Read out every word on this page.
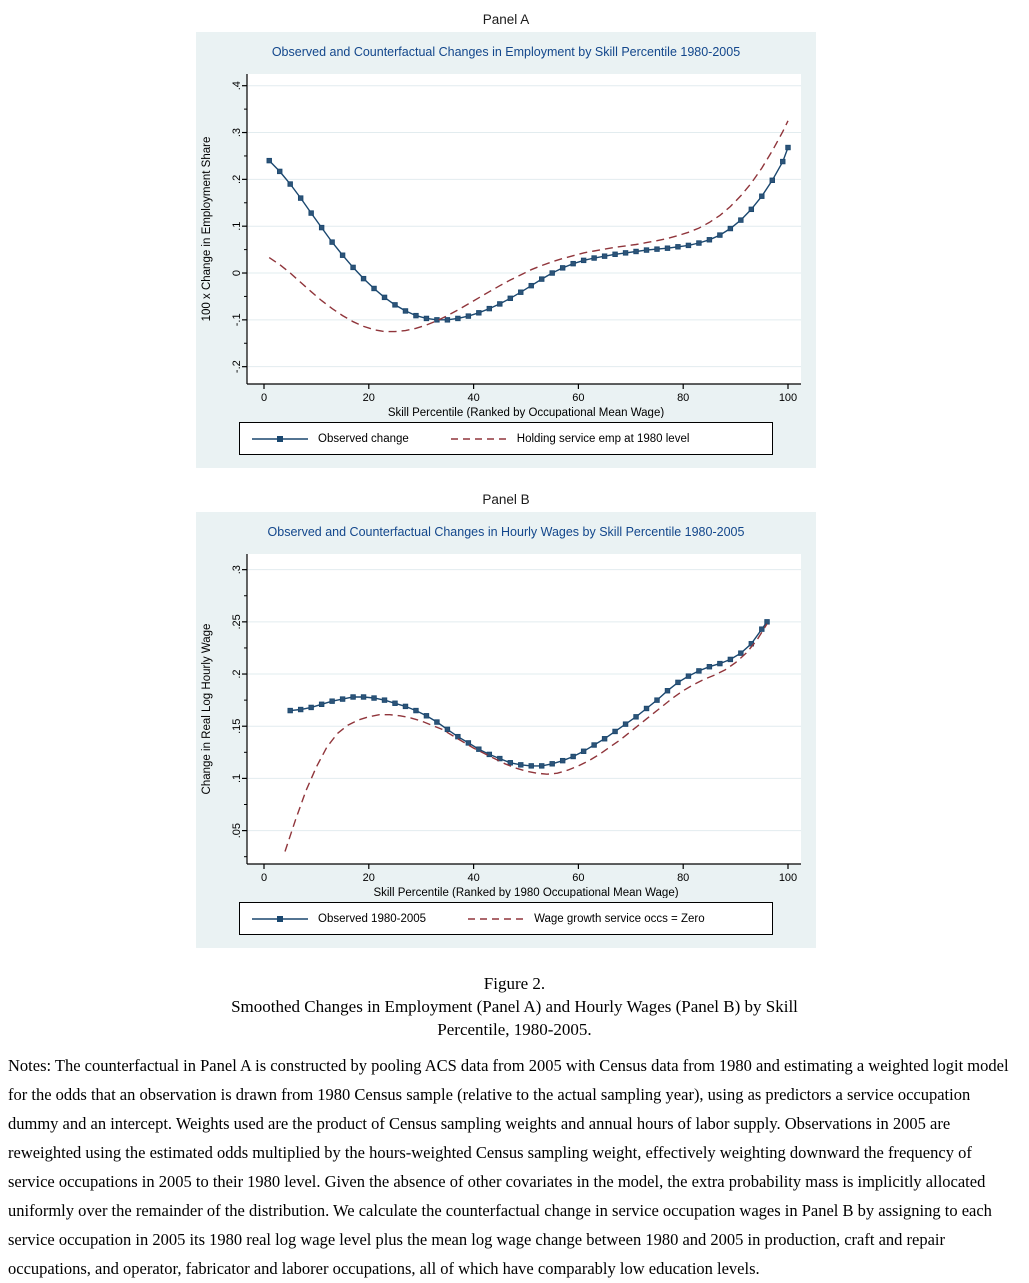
Panel A
Observed and Counterfactual Changes in Employment by Skill Percentile 1980-2005
-.2
-.1
0
.1
.2
.3
.4
0	20	40	60	80	100
100 x Change in Employment Share
Skill Percentile (Ranked by Occupational Mean Wage)
Observed change	Holding service emp at 1980 level
Panel B
Observed and Counterfactual Changes in Hourly Wages by Skill Percentile 1980-2005
.05
.1
.15
.2
.25
.3
0	20	40	60	80	100
Change in Real Log Hourly Wage
Skill Percentile (Ranked by 1980 Occupational Mean Wage)
Observed 1980-2005	Wage growth service occs = Zero
Figure 2.
Smoothed Changes in Employment (Panel A) and Hourly Wages (Panel B) by Skill Percentile, 1980-2005.
Notes: The counterfactual in Panel A is constructed by pooling ACS data from 2005 with Census data from 1980 and estimating a weighted logit model for the odds that an observation is drawn from 1980 Census sample (relative to the actual sampling year), using as predictors a service occupation dummy and an intercept. Weights used are the product of Census sampling weights and annual hours of labor supply. Observations in 2005 are reweighted using the estimated odds multiplied by the hours-weighted Census sampling weight, effectively weighting downward the frequency of service occupations in 2005 to their 1980 level. Given the absence of other covariates in the model, the extra probability mass is implicitly allocated uniformly over the remainder of the distribution. We calculate the counterfactual change in service occupation wages in Panel B by assigning to each service occupation in 2005 its 1980 real log wage level plus the mean log wage change between 1980 and 2005 in production, craft and repair occupations, and operator, fabricator and laborer occupations, all of which have comparably low education levels.
